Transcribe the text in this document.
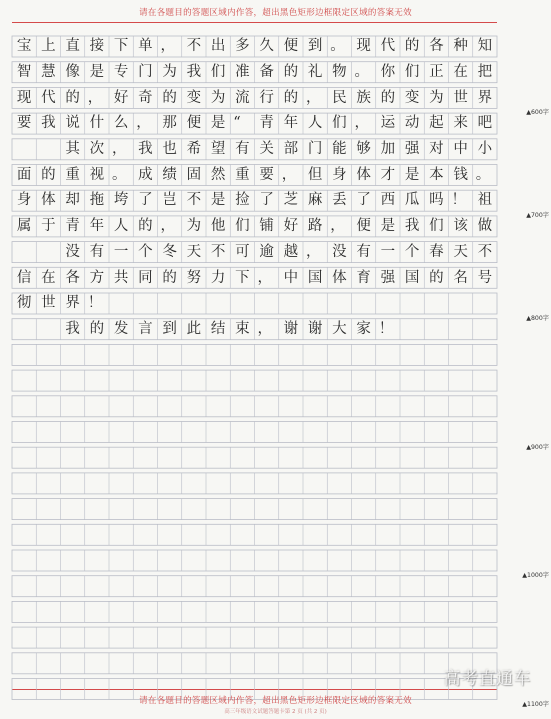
请在各题目的答题区域内作答，超出黑色矩形边框限定区域的答案无效
宝 上 直 接 下 单 ， 不 出 多 久 便 到 。 现 代 的 各 种 知
智 慧 像 是 专 门 为 我 们 准 备 的 礼 物 。 你 们 正 在 把
现 代 的 ， 好 奇 的 变 为 流 行 的 ， 民 族 的 变 为 世 界
要 我 说 什 么 ， 那 便 是 “	青 年 人 们 ， 运 动 起 来 吧
其 次 ， 我 也 希 望 有 关 部 门 能 够 加 强 对 中 小
面 的 重 视 。 成 绩 固 然 重 要 ， 但 身 体 才 是 本 钱 。
身 体 却 拖 垮 了 岂 不 是 捡 了 芝 麻 丢 了 西 瓜 吗 ！ 祖
属 于 青 年 人 的 ， 为 他 们 铺 好 路 ， 便 是 我 们 该 做
没 有 一 个 冬 天 不 可 逾 越 ， 没 有 一 个 春 天 不
信 在 各 方 共 同 的 努 力 下 ， 中 国 体 育 强 国 的 名 号
彻 世 界 ！
我 的 发 言 到 此 结 束 ， 谢 谢 大 家 ！
高考直通车
请在各题目的答题区域内作答，超出黑色矩形边框限定区域的答案无效
高三年级语文试题答题卡第 2 页 (共 2 页)
▲600字
▲700字
▲800字
▲900字
▲1000字
▲1100字
